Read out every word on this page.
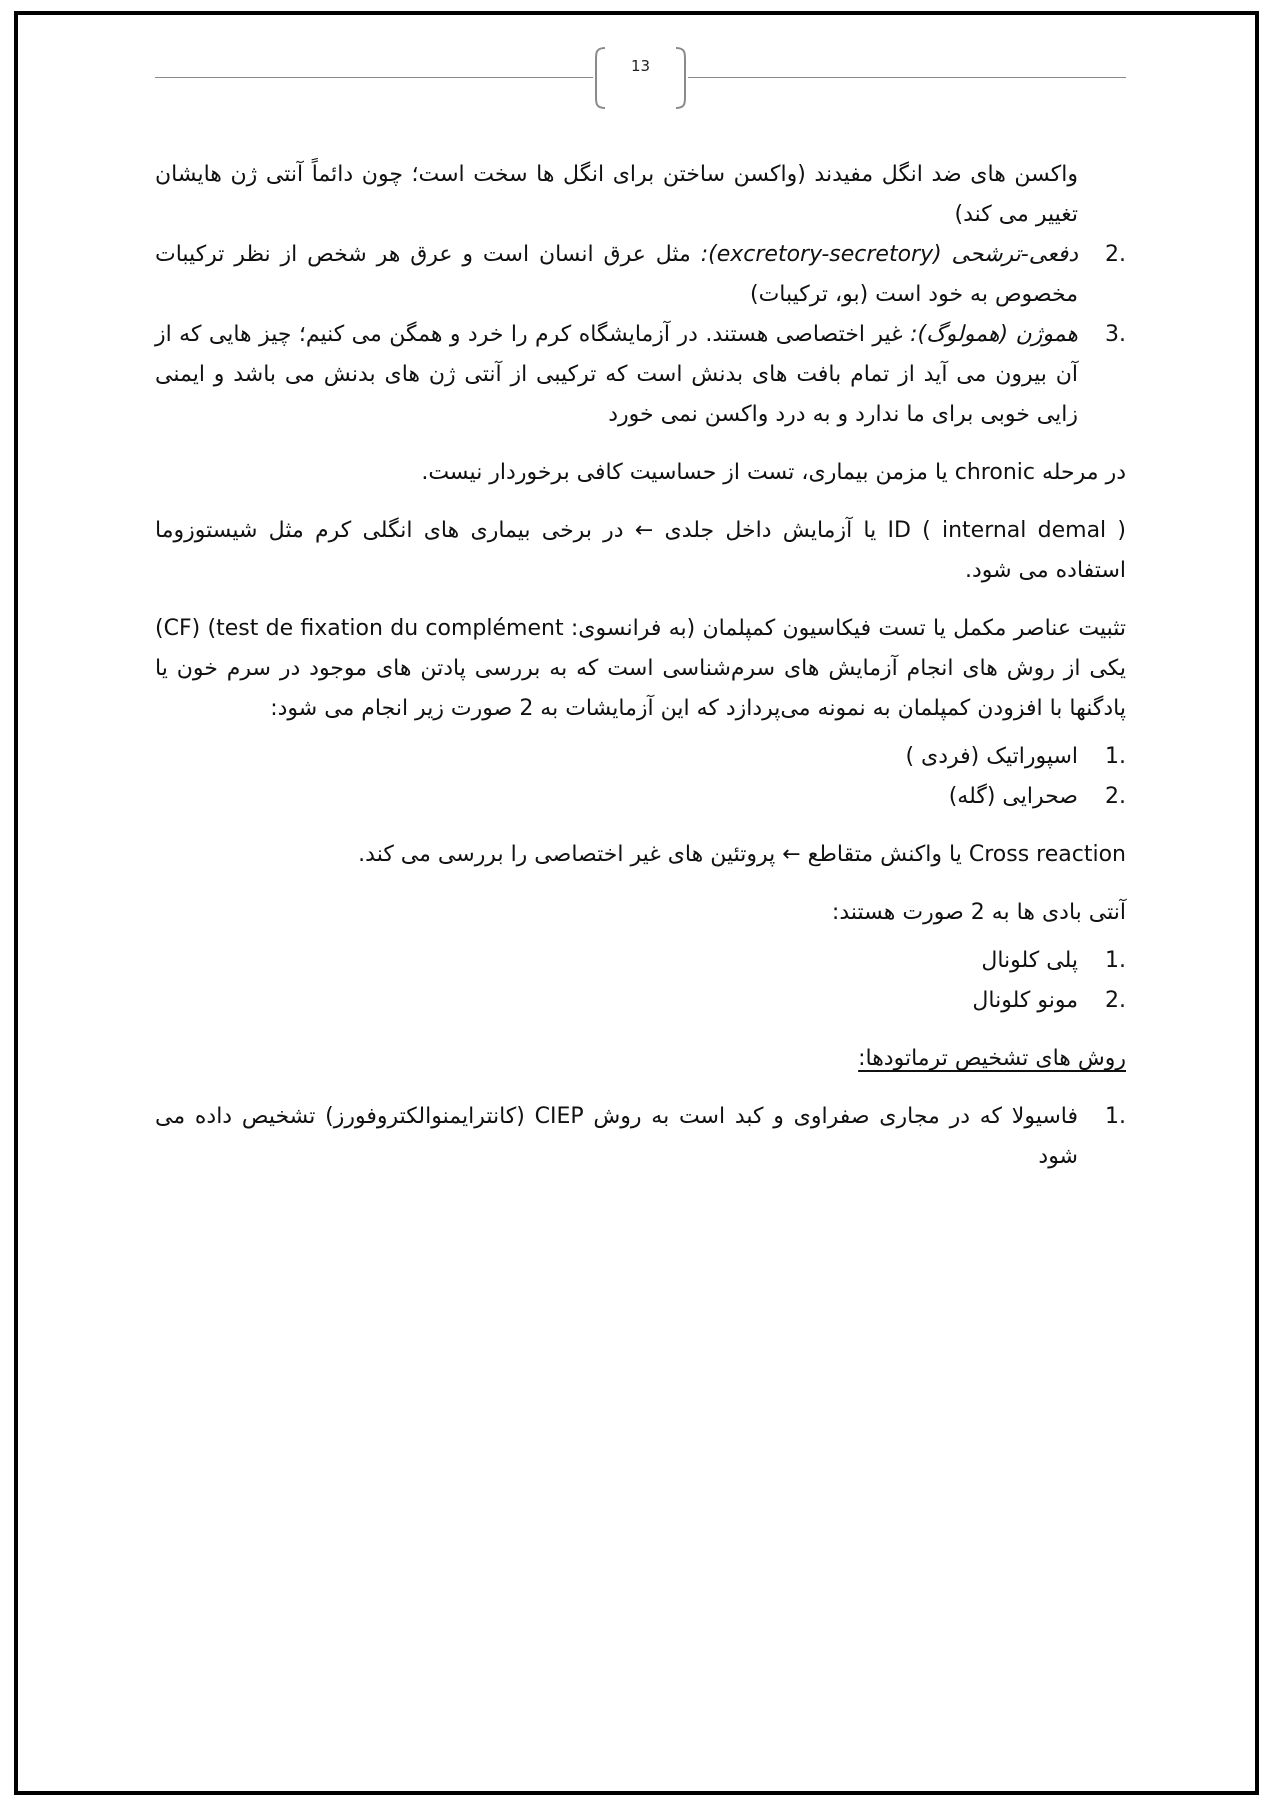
13

واکسن های ضد انگل مفیدند (واکسن ساختن برای انگل ها سخت است؛ چون دائماً آنتی ژن هایشان تغییر می کند)

2.

دفعی-ترشحی (excretory-secretory): مثل عرق انسان است و عرق هر شخص از نظر ترکیبات مخصوص به خود است (بو، ترکیبات)

3.

هموژن (همولوگ): غیر اختصاصی هستند. در آزمایشگاه کرم را خرد و همگن می کنیم؛ چیز هایی که از آن بیرون می آید از تمام بافت های بدنش است که ترکیبی از آنتی ژن های بدنش می باشد و ایمنی زایی خوبی برای ما ندارد و به درد واکسن نمی خورد

در مرحله chronic یا مزمن بیماری، تست از حساسیت کافی برخوردار نیست.

ID ( internal demal ) یا آزمایش داخل جلدی ← در برخی بیماری های انگلی کرم مثل شیستوزوما استفاده می شود.

تثبیت عناصر مکمل یا تست فیکاسیون کمپلمان (به فرانسوی: test de fixation du complément) (CF) یکی از روش های انجام آزمایش های سرم‌شناسی است که به بررسی پادتن های موجود در سرم خون یا پادگنها با افزودن کمپلمان به نمونه می‌پردازد که این آزمایشات به 2 صورت زیر انجام می شود:

1.

اسپوراتیک (فردی )

2.

صحرایی (گله)

Cross reaction یا واکنش متقاطع ← پروتئین های غیر اختصاصی را بررسی می کند.

آنتی بادی ها به 2 صورت هستند:

1.

پلی کلونال

2.

مونو کلونال

روش های تشخیص ترماتودها:

1.

فاسیولا که در مجاری صفراوی و کبد است به روش CIEP (کانترایمنوالکتروفورز) تشخیص داده می شود
